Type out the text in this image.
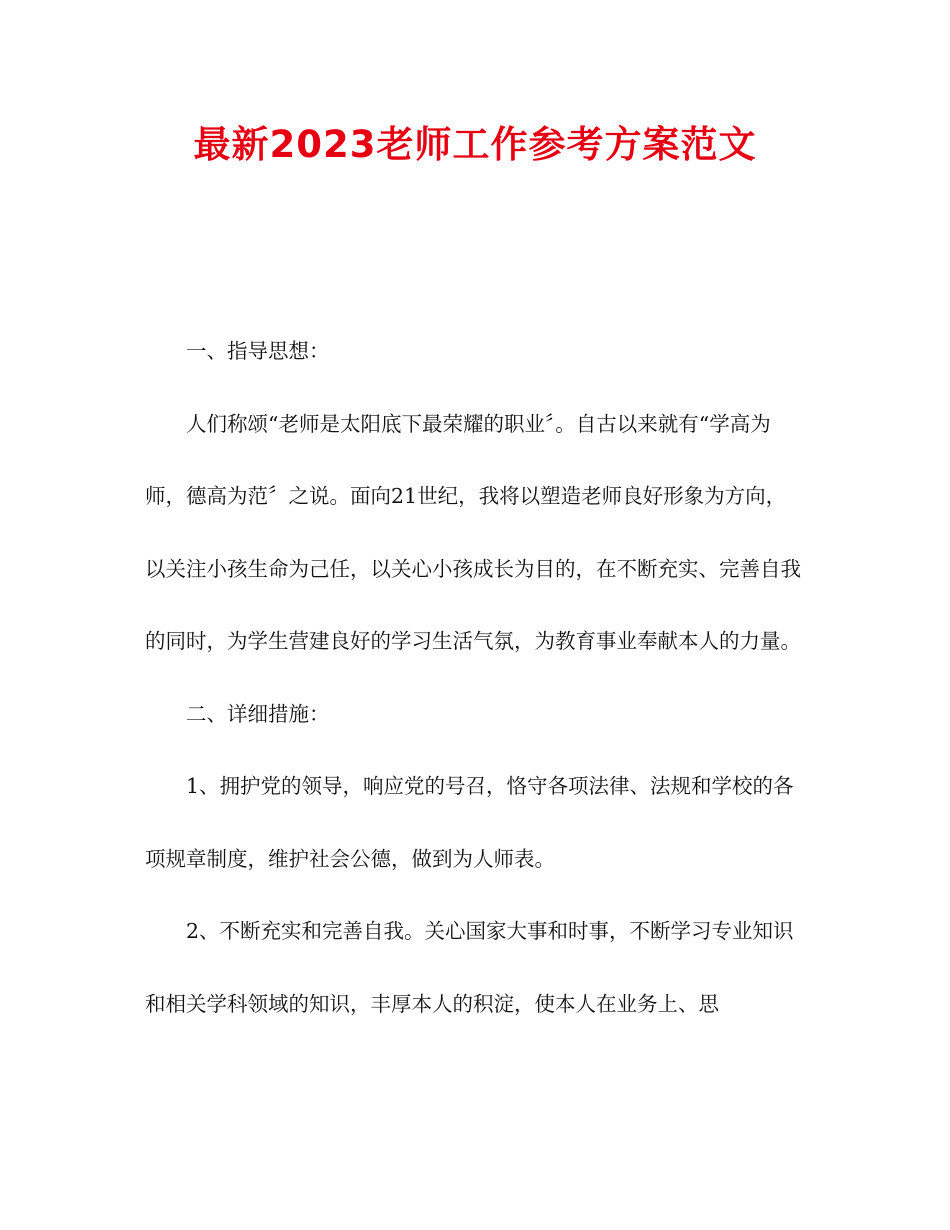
最新2023老师工作参考方案范文

一、指导思想：

人们称颂“老师是太阳底下最荣耀的职业〞。自古以来就有“学高为师，德高为范〞之说。面向21世纪，我将以塑造老师良好形象为方向，以关注小孩生命为己任，以关心小孩成长为目的，在不断充实、完善自我的同时，为学生营建良好的学习生活气氛，为教育事业奉献本人的力量。

二、详细措施：

1、拥护党的领导，响应党的号召，恪守各项法律、法规和学校的各项规章制度，维护社会公德，做到为人师表。

2、不断充实和完善自我。关心国家大事和时事，不断学习专业知识和相关学科领域的知识，丰厚本人的积淀，使本人在业务上、思
